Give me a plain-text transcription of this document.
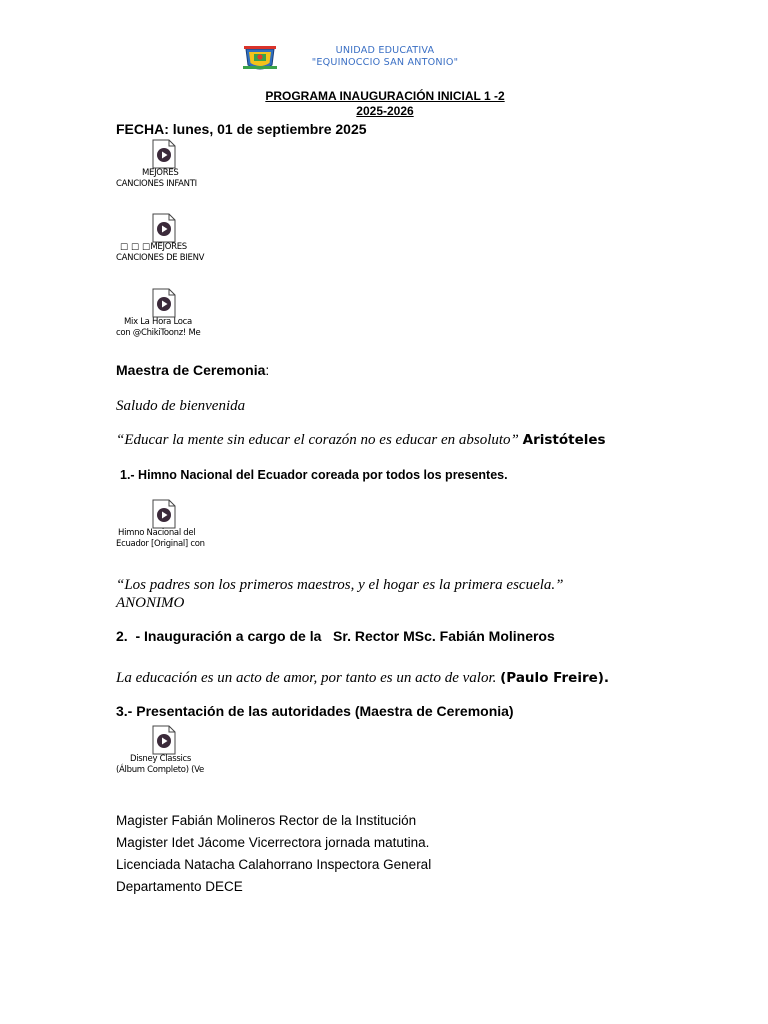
UNIDAD EDUCATIVA
"EQUINOCCIO SAN ANTONIO"
PROGRAMA INAUGURACIÓN INICIAL 1 -2
2025-2026
FECHA: lunes, 01 de septiembre 2025
MEJORES
CANCIONES INFANTI
□□□ MEJORES
CANCIONES DE BIENV
Mix La Hora Loca
con @ChikiToonz! Me
Maestra de Ceremonia:
Saludo de bienvenida
“Educar la mente sin educar el corazón no es educar en absoluto” Aristóteles
1.- Himno Nacional del Ecuador coreada por todos los presentes.
Himno Nacional del
Ecuador [Original] con
“Los padres son los primeros maestros, y el hogar es la primera escuela.”
ANONIMO
2.  - Inauguración a cargo de la   Sr. Rector MSc. Fabián Molineros
La educación es un acto de amor, por tanto es un acto de valor. (Paulo Freire).
3.- Presentación de las autoridades (Maestra de Ceremonia)
Disney Classics
(Álbum Completo) (Ve
Magister Fabián Molineros Rector de la Institución
Magister Idet Jácome Vicerrectora jornada matutina.
Licenciada Natacha Calahorrano Inspectora General
Departamento DECE
